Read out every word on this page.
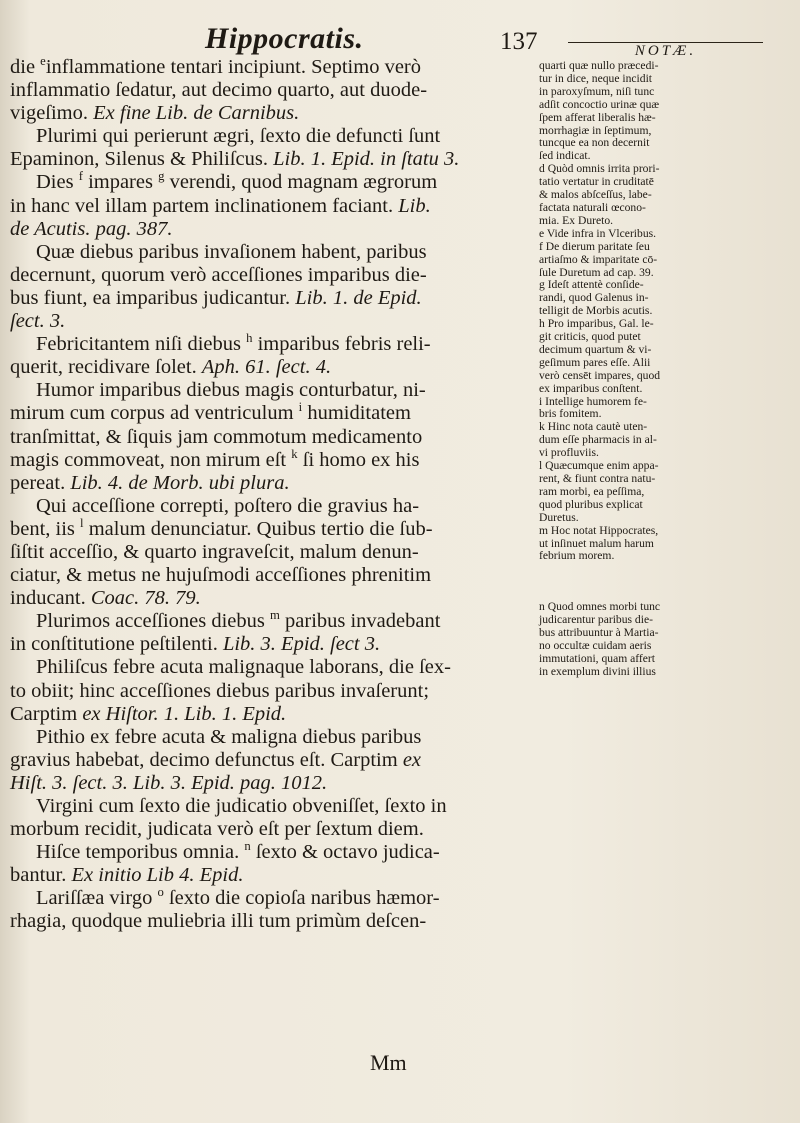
Hippocratis.	137	NOTÆ.

die $^e$inflammatione tentari incipiunt. Septimo verò

inflammatio ſedatur, aut decimo quarto, aut duode-

vigeſimo. Ex fine Lib. de Carnibus.

Plurimi qui perierunt ægri, ſexto die defuncti ſunt

Epaminon, Silenus & Philiſcus. Lib. 1. Epid. in ſtatu 3.

Dies $^f$ impares $^g$ verendi, quod magnam ægrorum

in hanc vel illam partem inclinationem faciant. Lib.

de Acutis. pag. 387.

Quæ diebus paribus invaſionem habent, paribus

decernunt, quorum verò acceſſiones imparibus die-

bus fiunt, ea imparibus judicantur. Lib. 1. de Epid.

ſect. 3.

Febricitantem niſi diebus $^h$ imparibus febris reli-

querit, recidivare ſolet. Aph. 61. ſect. 4.

Humor imparibus diebus magis conturbatur, ni-

mirum cum corpus ad ventriculum $^i$ humiditatem

tranſmittat, & ſiquis jam commotum medicamento

magis commoveat, non mirum eſt $^k$ ſi homo ex his

pereat. Lib. 4. de Morb. ubi plura.

Qui acceſſione correpti, poſtero die gravius ha-

bent, iis $^l$ malum denunciatur. Quibus tertio die ſub-

ſiſtit acceſſio, & quarto ingraveſcit, malum denun-

ciatur, & metus ne hujuſmodi acceſſiones phrenitim

inducant. Coac. 78. 79.

Plurimos acceſſiones diebus $^m$ paribus invadebant

in conſtitutione peſtilenti. Lib. 3. Epid. ſect 3.

Philiſcus febre acuta malignaque laborans, die ſex-

to obiit; hinc acceſſiones diebus paribus invaſerunt;

Carptim ex Hiſtor. 1. Lib. 1. Epid.

Pithio ex febre acuta & maligna diebus paribus

gravius habebat, decimo defunctus eſt. Carptim ex

Hiſt. 3. ſect. 3. Lib. 3. Epid. pag. 1012.

Virgini cum ſexto die judicatio obveniſſet, ſexto in

morbum recidit, judicata verò eſt per ſextum diem.

Hiſce temporibus omnia. $^n$ ſexto & octavo judica-

bantur. Ex initio Lib 4. Epid.

Lariſſæa virgo $^o$ ſexto die copioſa naribus hæmor-

rhagia, quodque muliebria illi tum primùm deſcen-

quarti quæ nullo præcedi-

tur in dice, neque incidit

in paroxyſmum, niſi tunc

adſit concoctio urinæ quæ

ſpem afferat liberalis hæ-

morrhagiæ in ſeptimum,

tuncque ea non decernit

ſed indicat.

d Quòd omnis irrita prori-

tatio vertatur in cruditatē

& malos abſceſſus, labe-

factata naturali œcono-

mia. Ex Dureto.

e Vide infra in Vlceribus.

f De dierum paritate ſeu

artiaſmo & imparitate cō-

ſule Duretum ad cap. 39.

g Ideſt attentè conſide-

randi, quod Galenus in-

telligit de Morbis acutis.

h Pro imparibus, Gal. le-

git criticis, quod putet

decimum quartum & vi-

geſimum pares eſſe. Alii

verò censēt impares, quod

ex imparibus conſtent.

i Intellige humorem fe-

bris fomitem.

k Hinc nota cautè uten-

dum eſſe pharmacis in al-

vi profluviis.

l Quæcumque enim appa-

rent, & fiunt contra natu-

ram morbi, ea peſſima,

quod pluribus explicat

Duretus.

m Hoc notat Hippocrates,

ut inſinuet malum harum

febrium morem.

n Quod omnes morbi tunc

judicarentur paribus die-

bus attribuuntur à Martia-

no occultæ cuidam aeris

immutationi, quam affert

in exemplum divini illius

Mm
